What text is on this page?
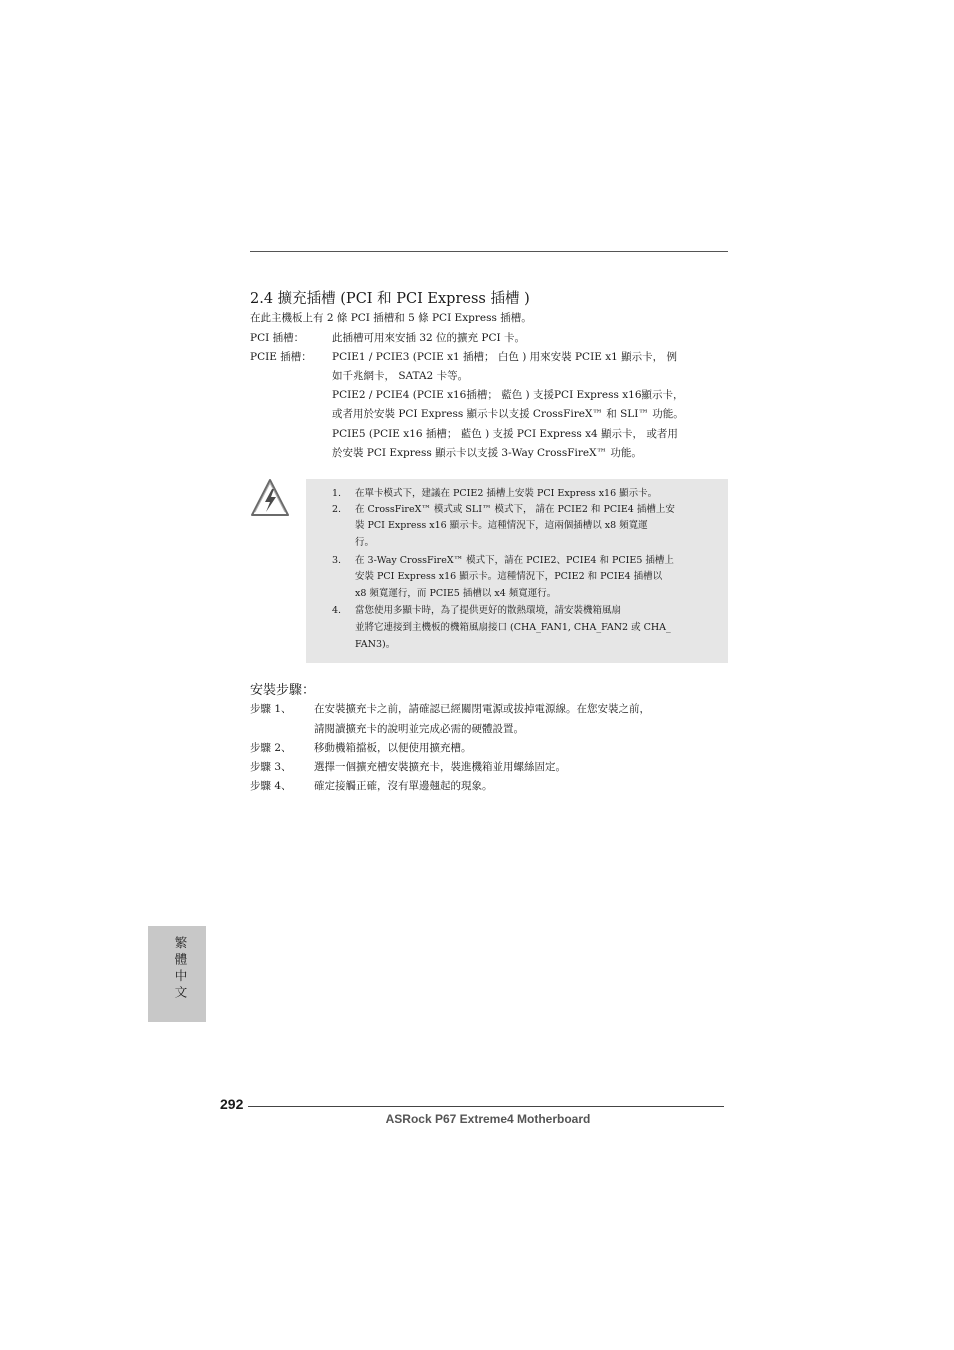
2.4 擴充插槽 (PCI 和 PCI Express 插槽 )
在此主機板上有 2 條 PCI 插槽和 5 條 PCI Express 插槽。
PCI 插槽：	此插槽可用來安插 32 位的擴充 PCI 卡。
PCIE 插槽： PCIE1 / PCIE3 (PCIE x1 插槽； 白色 ) 用來安裝 PCIE x1 顯示卡， 例
如千兆網卡， SATA2 卡等。
PCIE2 / PCIE4 (PCIE x16插槽； 藍色 ) 支援PCI Express x16顯示卡，
或者用於安裝 PCI Express 顯示卡以支援 CrossFireX™ 和 SLI™ 功能。
PCIE5 (PCIE x16 插槽； 藍色 ) 支援 PCI Express x4 顯示卡， 或者用
於安裝 PCI Express 顯示卡以支援 3-Way CrossFireX™ 功能。
1. 在單卡模式下，建議在 PCIE2 插槽上安裝 PCI Express x16 顯示卡。
2. 在 CrossFireX™ 模式或 SLI™ 模式下， 請在 PCIE2 和 PCIE4 插槽上安
裝 PCI Express x16 顯示卡。這種情況下，這兩個插槽以 x8 頻寬運
行。
3. 在 3-Way CrossFireX™ 模式下，請在 PCIE2、PCIE4 和 PCIE5 插槽上
安裝 PCI Express x16 顯示卡。這種情況下，PCIE2 和 PCIE4 插槽以
x8 頻寬運行，而 PCIE5 插槽以 x4 頻寬運行。
4. 當您使用多顯卡時，為了提供更好的散熱環境，請安裝機箱風扇
並將它連接到主機板的機箱風扇接口 (CHA_FAN1, CHA_FAN2 或 CHA_
FAN3)。
安裝步驟：
步驟 1、 在安裝擴充卡之前，請確認已經關閉電源或拔掉電源線。在您安裝之前，
請閱讀擴充卡的說明並完成必需的硬體設置。
步驟 2、 移動機箱擋板，以便使用擴充槽。
步驟 3、 選擇一個擴充槽安裝擴充卡，裝進機箱並用螺絲固定。
步驟 4、 確定接觸正確，沒有單邊翹起的現象。
繁體中文
292
ASRock P67 Extreme4 Motherboard
